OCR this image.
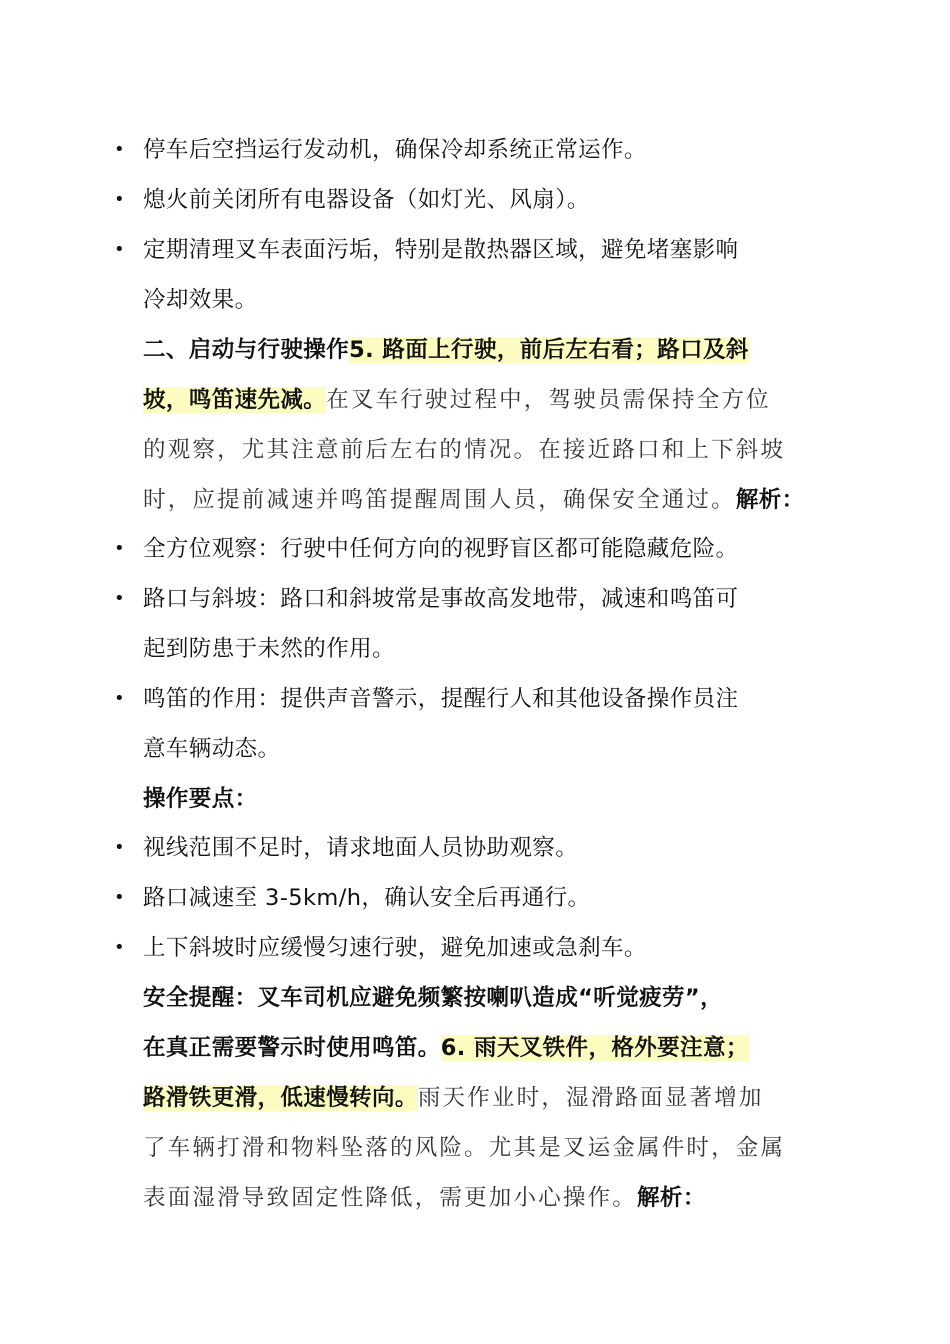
•
•
•
•
•
•
•
•
•
停车后空挡运行发动机，确保冷却系统正常运作。
熄火前关闭所有电器设备（如灯光、风扇）。
定期清理叉车表面污垢，特别是散热器区域，避免堵塞影响
冷却效果。
二、启动与行驶操作5. 路面上行驶，前后左右看；路口及斜
坡，鸣笛速先减。在叉车行驶过程中，驾驶员需保持全方位
的观察，尤其注意前后左右的情况。在接近路口和上下斜坡
时，应提前减速并鸣笛提醒周围人员，确保安全通过。解析：
全方位观察：行驶中任何方向的视野盲区都可能隐藏危险。
路口与斜坡：路口和斜坡常是事故高发地带，减速和鸣笛可
起到防患于未然的作用。
鸣笛的作用：提供声音警示，提醒行人和其他设备操作员注
意车辆动态。
操作要点：
视线范围不足时，请求地面人员协助观察。
路口减速至 3-5km/h，确认安全后再通行。
上下斜坡时应缓慢匀速行驶，避免加速或急刹车。
安全提醒：叉车司机应避免频繁按喇叭造成“听觉疲劳”，
在真正需要警示时使用鸣笛。6. 雨天叉铁件，格外要注意；
路滑铁更滑，低速慢转向。雨天作业时，湿滑路面显著增加
了车辆打滑和物料坠落的风险。尤其是叉运金属件时，金属
表面湿滑导致固定性降低，需更加小心操作。解析：
